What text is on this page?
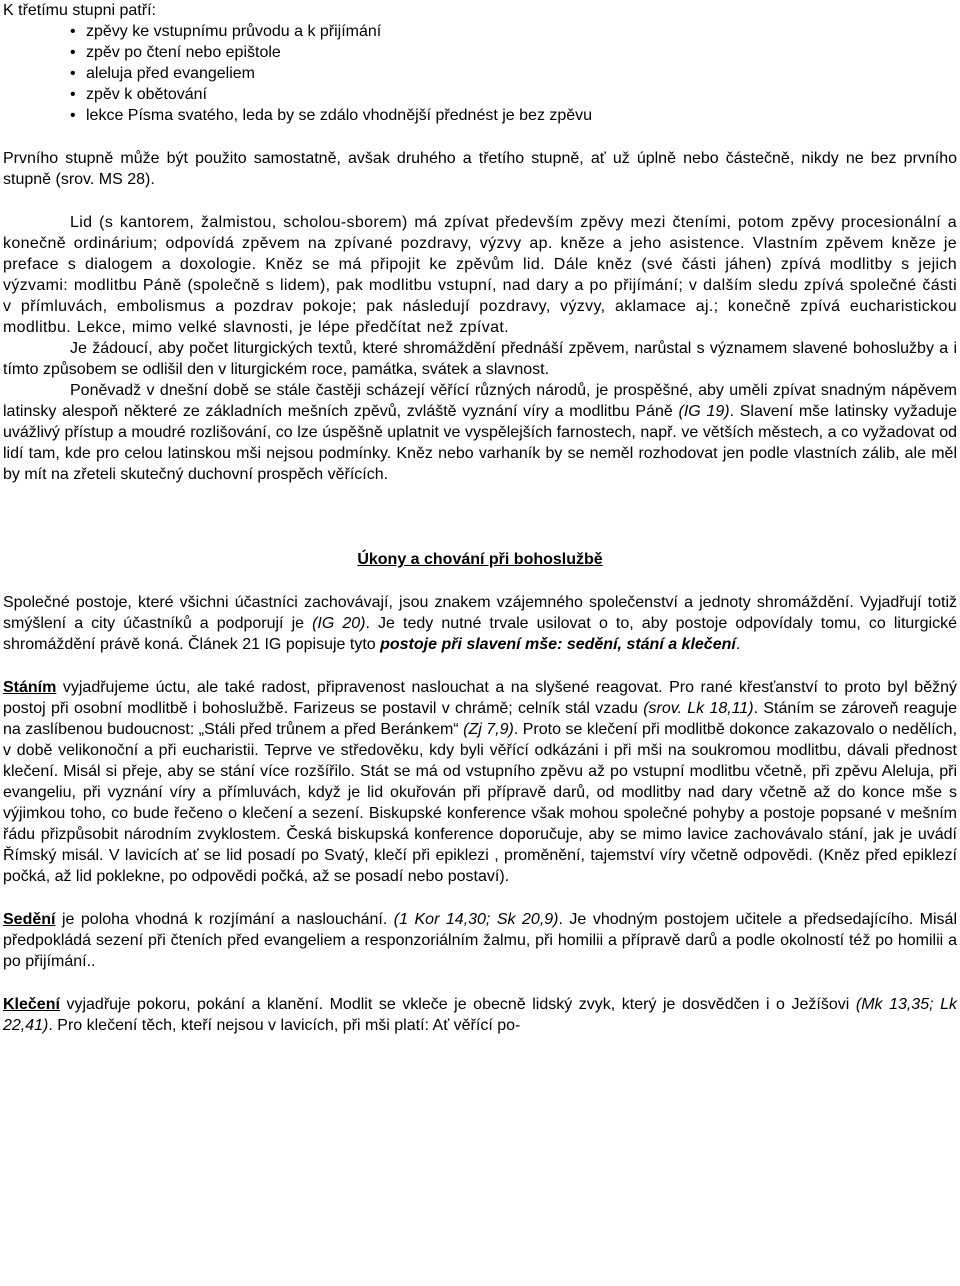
K třetímu stupni patří:

• zpěvy ke vstupnímu průvodu a k přijímání
• zpěv po čtení nebo epištole
• aleluja před evangeliem
• zpěv k obětování
• lekce Písma svatého, leda by se zdálo vhodnější přednést je bez zpěvu

Prvního stupně může být použito samostatně, avšak druhého a třetího stupně, ať už úplně nebo částečně, nikdy ne bez prvního stupně (srov. MS 28).

Lid (s kantorem, žalmistou, scholou-sborem) má zpívat především zpěvy mezi čteními, potom zpěvy procesionální a konečně ordinárium; odpovídá zpěvem na zpívané pozdravy, výzvy ap. kněze a jeho asistence. Vlastním zpěvem kněze je preface s dialogem a doxologie. Kněz se má připojit ke zpěvům lid. Dále kněz (své části jáhen) zpívá modlitby s jejich výzvami: modlitbu Páně (společně s lidem), pak modlitbu vstupní, nad dary a po přijímání; v dalším sledu zpívá společné části v přímluvách, embolismus a pozdrav pokoje; pak následují pozdravy, výzvy, aklamace aj.; konečně zpívá eucharistickou modlitbu. Lekce, mimo velké slavnosti, je lépe předčítat než zpívat.

Je žádoucí, aby počet liturgických textů, které shromáždění přednáší zpěvem, narůstal s významem slavené bohoslužby a i tímto způsobem se odlišil den v liturgickém roce, památka, svátek a slavnost.

Poněvadž v dnešní době se stále častěji scházejí věřící různých národů, je prospěšné, aby uměli zpívat snadným nápěvem latinsky alespoň některé ze základních mešních zpěvů, zvláště vyznání víry a modlitbu Páně (IG 19). Slavení mše latinsky vyžaduje uvážlivý přístup a moudré rozlišování, co lze úspěšně uplatnit ve vyspělejších farnostech, např. ve větších městech, a co vyžadovat od lidí tam, kde pro celou latinskou mši nejsou podmínky. Kněz nebo varhaník by se neměl rozhodovat jen podle vlastních zálib, ale měl by mít na zřeteli skutečný duchovní prospěch věřících.

Úkony a chování při bohoslužbě

Společné postoje, které všichni účastníci zachovávají, jsou znakem vzájemného společenství a jednoty shromáždění. Vyjadřují totiž smýšlení a city účastníků a podporují je (IG 20). Je tedy nutné trvale usilovat o to, aby postoje odpovídaly tomu, co liturgické shromáždění právě koná. Článek 21 IG popisuje tyto postoje při slavení mše: sedění, stání a klečení.

Stáním vyjadřujeme úctu, ale také radost, připravenost naslouchat a na slyšené reagovat. Pro rané křesťanství to proto byl běžný postoj při osobní modlitbě i bohoslužbě. Farizeus se postavil v chrámě; celník stál vzadu (srov. Lk 18,11). Stáním se zároveň reaguje na zaslíbenou budoucnost: „Stáli před trůnem a před Beránkem“ (Zj 7,9). Proto se klečení při modlitbě dokonce zakazovalo o nedělích, v době velikonoční a při eucharistii. Teprve ve středověku, kdy byli věřící odkázáni i při mši na soukromou modlitbu, dávali přednost klečení. Misál si přeje, aby se stání více rozšířilo. Stát se má od vstupního zpěvu až po vstupní modlitbu včetně, při zpěvu Aleluja, při evangeliu, při vyznání víry a přímluvách, když je lid okuřován při přípravě darů, od modlitby nad dary včetně až do konce mše s výjimkou toho, co bude řečeno o klečení a sezení. Biskupské konference však mohou společné pohyby a postoje popsané v mešním řádu přizpůsobit národním zvyklostem. Česká biskupská konference doporučuje, aby se mimo lavice zachovávalo stání, jak je uvádí Římský misál. V lavicích ať se lid posadí po Svatý, klečí při epiklezi , proměnění, tajemství víry včetně odpovědi. (Kněz před epiklezí počká, až lid poklekne, po odpovědi počká, až se posadí nebo postaví).

Sedění je poloha vhodná k rozjímání a naslouchání. (1 Kor 14,30; Sk 20,9). Je vhodným postojem učitele a předsedajícího. Misál předpokládá sezení při čteních před evangeliem a responzoriálním žalmu, při homilii a přípravě darů a podle okolností též po homilii a po přijímání..

Klečení vyjadřuje pokoru, pokání a klanění. Modlit se vkleče je obecně lidský zvyk, který je dosvědčen i o Ježíšovi (Mk 13,35; Lk 22,41). Pro klečení těch, kteří nejsou v lavicích, při mši platí: Ať věřící po-
